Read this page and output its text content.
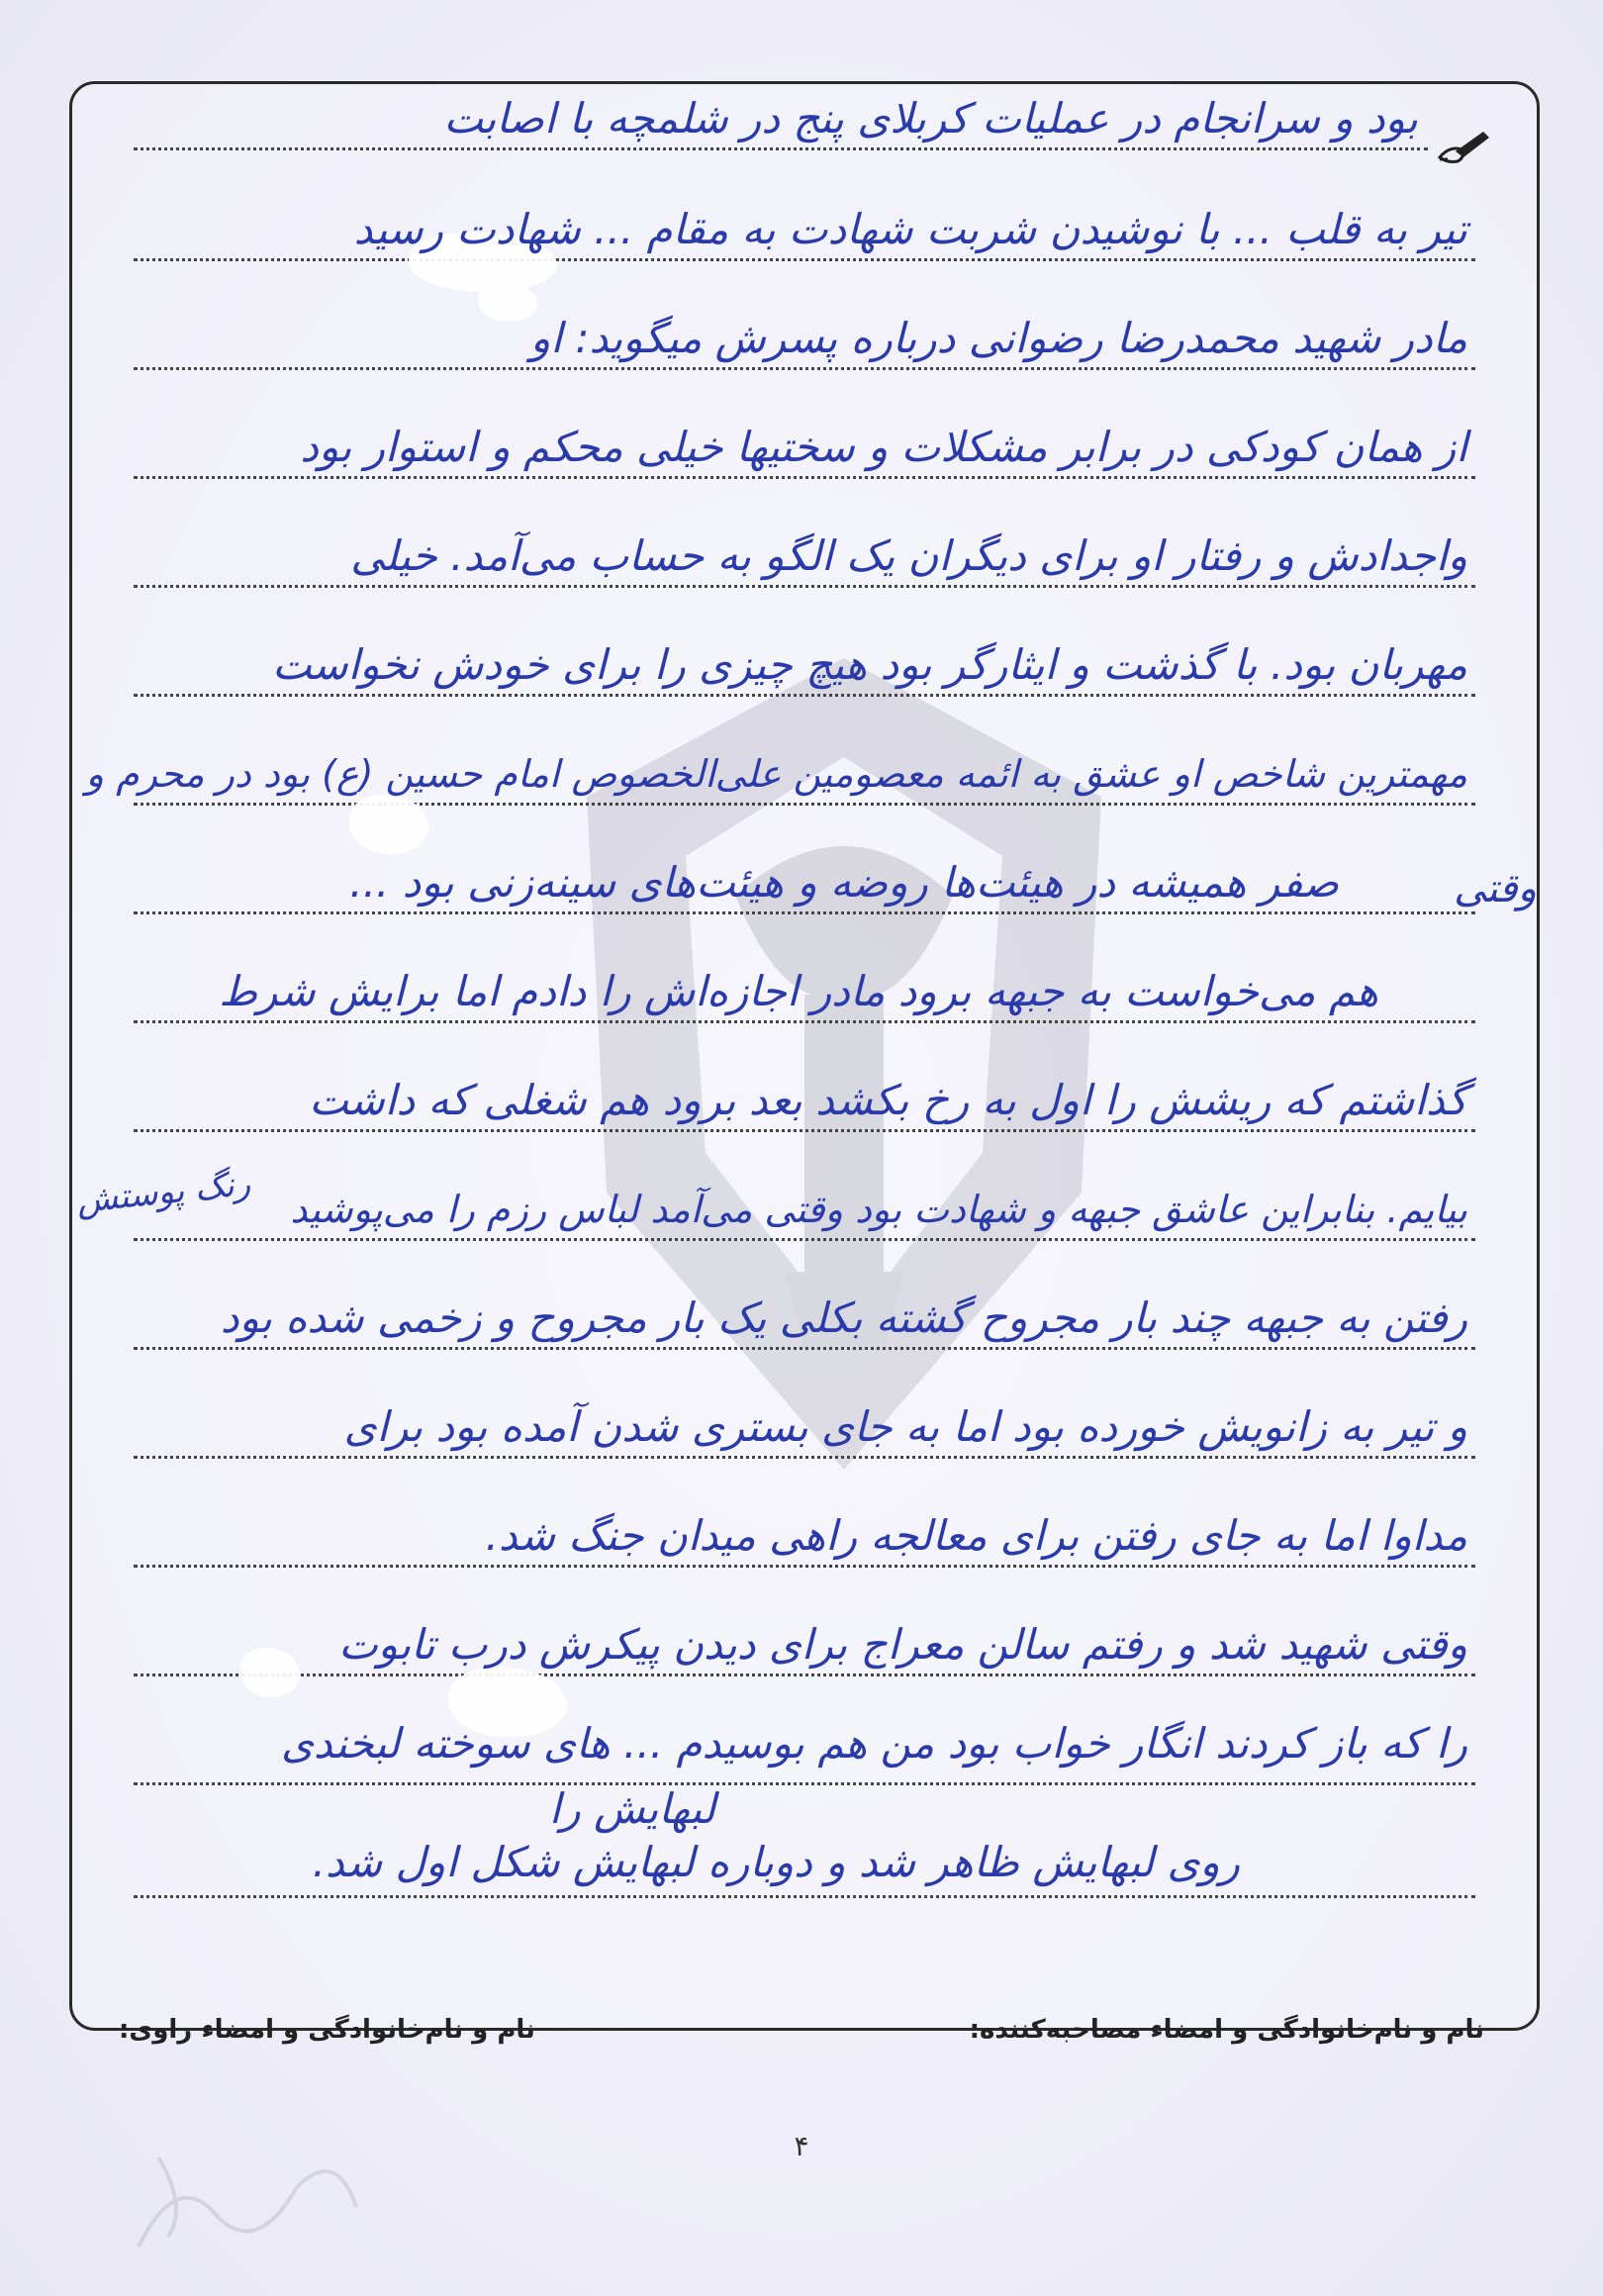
بود و سرانجام در عملیات کربلای پنج در شلمچه با اصابت
تیر به قلب ... با نوشیدن شربت شهادت به مقام ... شهادت رسید
مادر شهید محمدرضا رضوانی درباره پسرش میگوید: او
از همان کودکی در برابر مشکلات و سختیها خیلی محکم و استوار بود
واجدادش و رفتار او برای دیگران یک الگو به حساب می‌آمد. خیلی
مهربان بود. با گذشت و ایثارگر بود هیچ چیزی را برای خودش نخواست
مهمترین شاخص او عشق به ائمه معصومین علی‌الخصوص امام حسین (ع) بود در محرم و
صفر همیشه در هیئت‌ها روضه و هیئت‌های سینه‌زنی بود ...
هم می‌خواست به جبهه برود مادر اجازه‌اش را دادم اما برایش شرط
گذاشتم که ریشش را اول به رخ بکشد بعد برود هم شغلی که داشت
بیایم. بنابراین عاشق جبهه و شهادت بود وقتی می‌آمد لباس رزم را می‌پوشید
رفتن به جبهه چند بار مجروح گشته بکلی یک بار مجروح و زخمی شده بود
و تیر به زانویش خورده بود اما به جای بستری شدن آمده بود برای
مداوا اما به جای رفتن برای معالجه راهی میدان جنگ شد.
وقتی شهید شد و رفتم سالن معراج برای دیدن پیکرش درب تابوت
را که باز کردند انگار خواب بود من هم بوسیدم ... های سوخته لبخندی
لبهایش را
روی لبهایش ظاهر شد و دوباره لبهایش شکل اول شد.
وقتی
رنگ پوستش
نام و نام‌خانوادگی و امضاء مصاحبه‌کننده:
نام و نام‌خانوادگی و امضاء راوی:
۴
